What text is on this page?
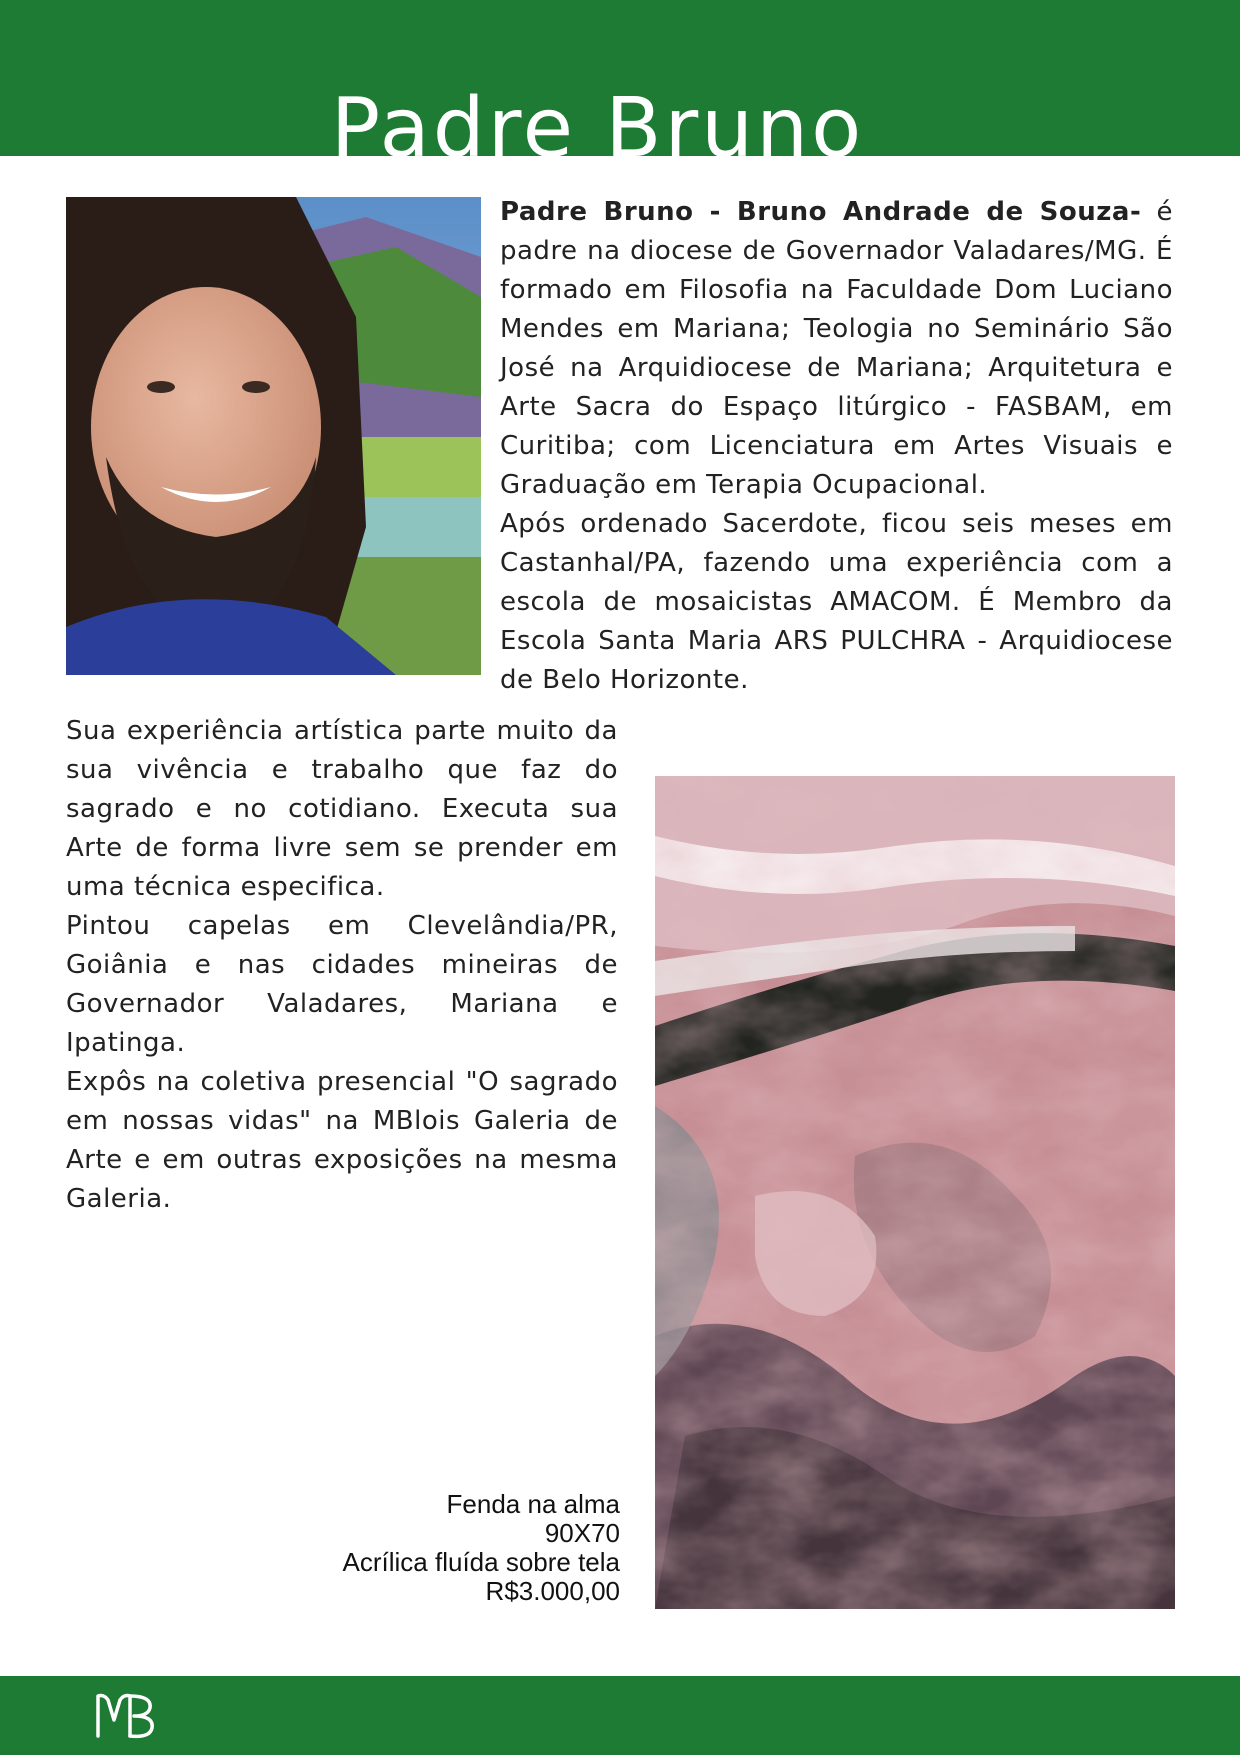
Padre Bruno

Padre Bruno - Bruno Andrade de Souza- é padre na diocese de Governador Valadares/MG. É formado em Filosofia na Faculdade Dom Luciano Mendes em Mariana; Teologia no Seminário São José na Arquidiocese de Mariana; Arquitetura e Arte Sacra do Espaço litúrgico - FASBAM, em Curitiba; com Licenciatura em Artes Visuais e Graduação em Terapia Ocupacional.

Após ordenado Sacerdote, ficou seis meses em Castanhal/PA, fazendo uma experiência com a escola de mosaicistas AMACOM. É Membro da Escola Santa Maria ARS PULCHRA - Arquidiocese de Belo Horizonte.

Sua experiência artística parte muito da sua vivência e trabalho que faz do sagrado e no cotidiano. Executa sua Arte de forma livre sem se prender em uma técnica especifica.

Pintou capelas em Clevelândia/PR, Goiânia e nas cidades mineiras de   Governador Valadares, Mariana e Ipatinga.

Expôs na coletiva presencial "O sagrado em nossas vidas" na MBlois Galeria de Arte e em outras exposições na mesma Galeria.

Fenda na alma
90X70
Acrílica fluída sobre tela
R$3.000,00
